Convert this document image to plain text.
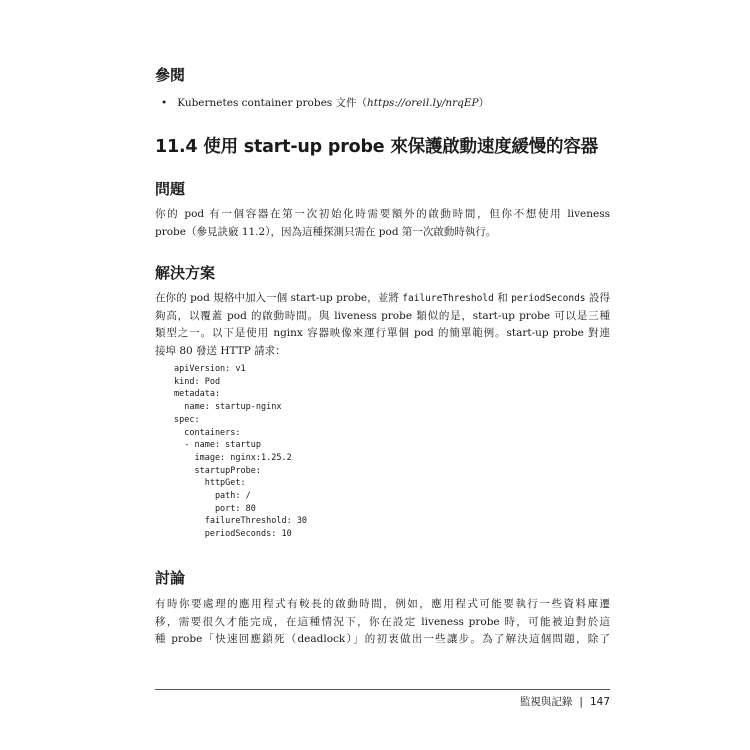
參閱
• Kubernetes container probes 文件（https://oreil.ly/nrqEP）
11.4 使用 start-up probe 來保護啟動速度緩慢的容器
問題
你的 pod 有一個容器在第一次初始化時需要額外的啟動時間，但你不想使用 liveness
probe（參見訣竅 11.2），因為這種探測只需在 pod 第一次啟動時執行。
解決方案
在你的 pod 規格中加入一個 start-up probe，並將 failureThreshold 和 periodSeconds 設得
夠高，以覆蓋 pod 的啟動時間。與 liveness probe 類似的是，start-up probe 可以是三種
類型之一。以下是使用 nginx 容器映像來運行單個 pod 的簡單範例。start-up probe 對連
接埠 80 發送 HTTP 請求：
apiVersion: v1
kind: Pod
metadata:
name: startup-nginx
spec:
containers:
- name: startup
image: nginx:1.25.2
startupProbe:
httpGet:
path: /
port: 80
failureThreshold: 30
periodSeconds: 10
討論
有時你要處理的應用程式有較長的啟動時間，例如，應用程式可能要執行一些資料庫遷
移，需要很久才能完成，在這種情況下，你在設定 liveness probe 時，可能被迫對於這
種 probe「快速回應鎖死（deadlock）」的初衷做出一些讓步。為了解決這個問題，除了
監視與記錄 | 147
